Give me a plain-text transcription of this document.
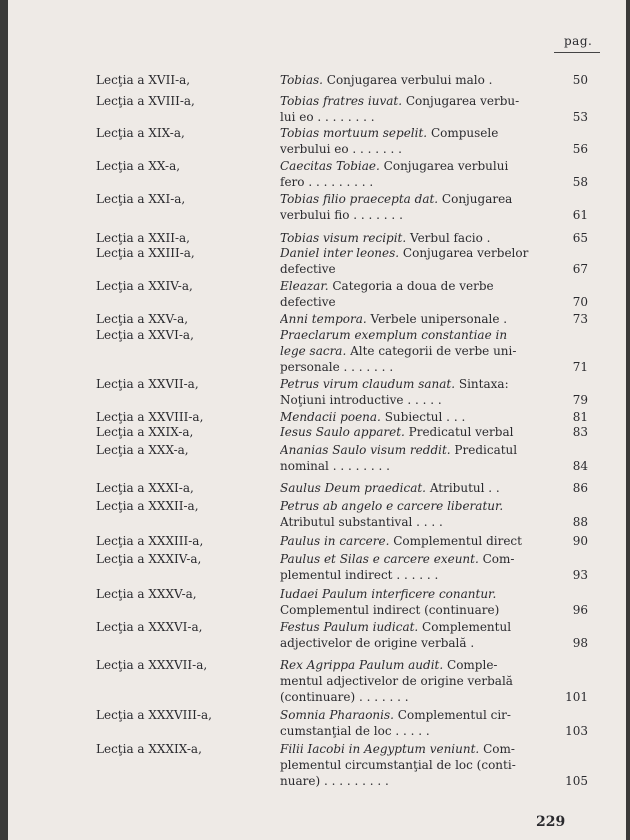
pag.
Lecţia a XVII-a,	Tobias. Conjugarea verbului malo .	50
Lecţia a XVIII-a,	Tobias fratres iuvat. Conjugarea verbu-
lui eo . . . . . . . .	53
Lecţia a XIX-a,	Tobias mortuum sepelit. Compusele
verbului eo . . . . . . .	56
Lecţia a XX-a,	Caecitas Tobiae. Conjugarea verbului
fero . . . . . . . . .	58
Lecţia a XXI-a,	Tobias filio praecepta dat. Conjugarea
verbului fio . . . . . . .	61
Lecţia a XXII-a,	Tobias visum recipit. Verbul facio .	65
Lecţia a XXIII-a,	Daniel inter leones. Conjugarea verbelor
defective	67
Lecţia a XXIV-a,	Eleazar. Categoria a doua de verbe
defective	70
Lecţia a XXV-a,	Anni tempora. Verbele unipersonale .	73
Lecţia a XXVI-a,	Praeclarum exemplum constantiae in
lege sacra. Alte categorii de verbe uni-
personale . . . . . . .	71
Lecţia a XXVII-a,	Petrus virum claudum sanat. Sintaxa:
Noţiuni introductive . . . . .	79
Lecţia a XXVIII-a,	Mendacii poena. Subiectul . . .	81
Lecţia a XXIX-a,	Iesus Saulo apparet. Predicatul verbal	83
Lecţia a XXX-a,	Ananias Saulo visum reddit. Predicatul
nominal . . . . . . . .	84
Lecţia a XXXI-a,	Saulus Deum praedicat. Atributul . .	86
Lecţia a XXXII-a,	Petrus ab angelo e carcere liberatur.
Atributul substantival . . . .	88
Lecţia a XXXIII-a,	Paulus in carcere. Complementul direct	90
Lecţia a XXXIV-a,	Paulus et Silas e carcere exeunt. Com-
plementul indirect . . . . . .	93
Lecţia a XXXV-a,	Iudaei Paulum interficere conantur.
Complementul indirect (continuare)	96
Lecţia a XXXVI-a,	Festus Paulum iudicat. Complementul
adjectivelor de origine verbală .	98
Lecţia a XXXVII-a,	Rex Agrippa Paulum audit. Comple-
mentul adjectivelor de origine verbală
(continuare) . . . . . . .	101
Lecţia a XXXVIII-a,	Somnia Pharaonis. Complementul cir-
cumstanţial de loc . . . . .	103
Lecţia a XXXIX-a,	Filii Iacobi in Aegyptum veniunt. Com-
plementul circumstanţial de loc (conti-
nuare) . . . . . . . . .	105
229
